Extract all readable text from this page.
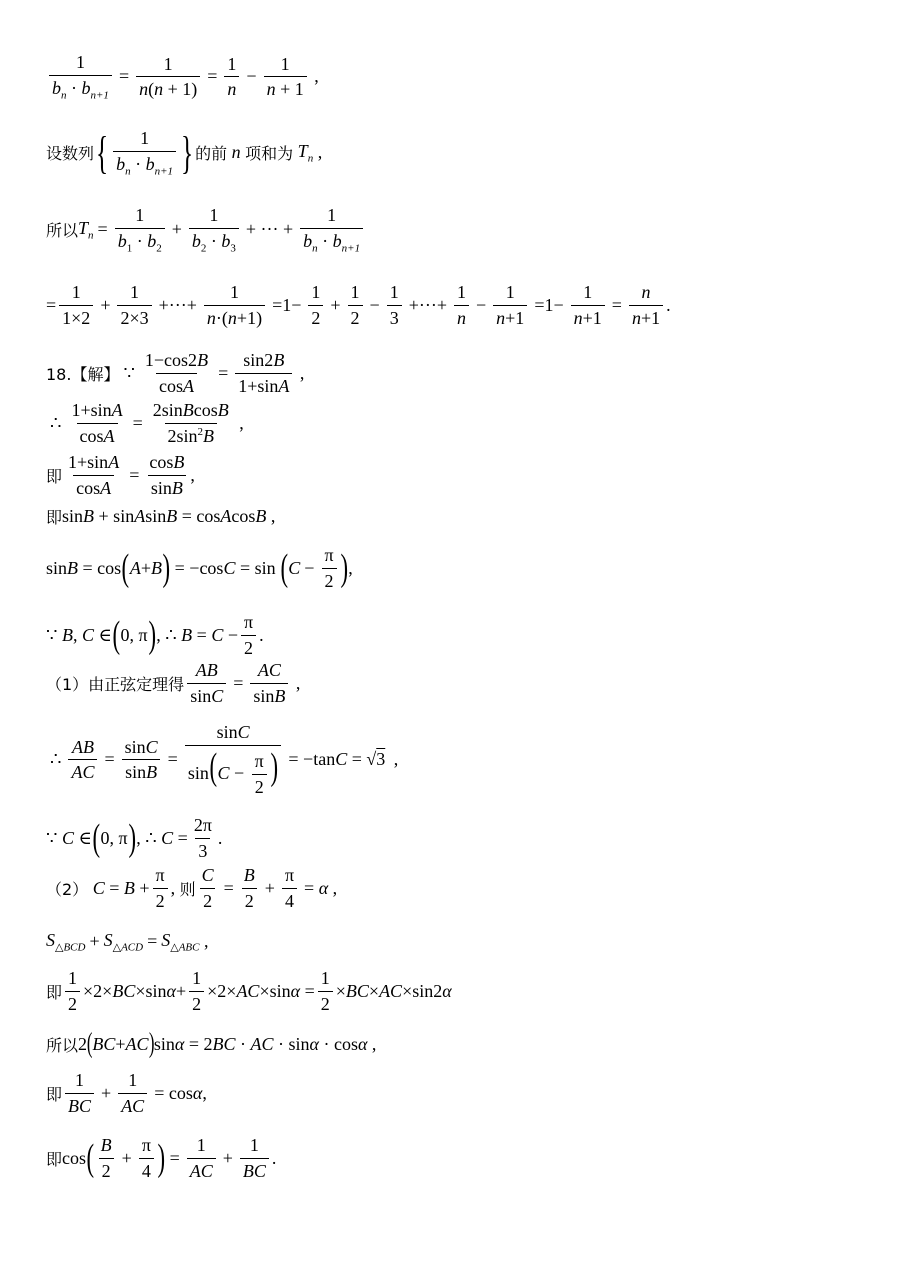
$\frac{1}{b_n \cdot b_{n+1}} = \frac{1}{n(n + 1)} = \frac{1}{n} - \frac{1}{n + 1}$ ,
设数列 { $\frac{1}{b_n \cdot b_{n+1}}$ } 的前 n 项和为 $T_n$ ,
所以 $T_n = \frac{1}{b_1 \cdot b_2} + \frac{1}{b_2 \cdot b_3}$ + ··· + $\frac{1}{b_n \cdot b_{n+1}}$
= $\frac{1}{1\times 2} + \frac{1}{2\times 3}$ +···+ $\frac{1}{n\cdot(n+1)} =1- \frac{1}{2} + \frac{1}{2} - \frac{1}{3}$ +···+ $\frac{1}{n} - \frac{1}{n+1} =1- \frac{1}{n+1} = \frac{n}{n+1}$ .
18.【解】 ∵ $\frac{1-\cos 2B}{\cos A} = \frac{\sin 2B}{1+\sin A}$ ,
∴ $\frac{1+\sin A}{\cos A} = \frac{\text{2sinBcosB}}{2\sin^2B}$ ,
即 $\frac{1+\sin A}{\cos A} = \frac{\cos B}{\sin B}$ ,
即 sinB + sinAsinB = cosAcosB ,
sinB = cos ( A + B ) = −cosC = sin ( $C - \frac{\pi}{2}$ ) ,
∵ B, C ∈ ( 0, π ) , ∴ $B = C - \frac{\pi}{2}$ .
（1）由正弦定理得 $\frac{AB}{\sin C} = \frac{AC}{\sin B}$ ,
∴ $\frac{AB}{AC} = \frac{\sin C}{\sin B} = \frac{\sin C}{\sin(C - \frac{\pi}{2} )} = -\tan C = √3$ ,
∵ C ∈ ( 0, π ) , ∴ $C = \frac{2\pi}{3}$ .
（2） $C = B + \frac{\pi}{2}$ , 则 $\frac{C}{2} = \frac{B}{2} + \frac{\pi}{4} = \alpha$ ,
$S_{\triangle BCD} + S_{\triangle ACD} = S_{\triangle ABC}$ ,
即 $\frac{1}{2} \times 2\times BC\times\sin\alpha+ \frac{1}{2} \times 2\times AC\times\sin\alpha = \frac{1}{2} \times BC\times AC\times\sin 2\alpha$
所以 2 ( BC + AC ) sinα = 2BC · AC · sinα · cosα ,
即 $\frac{1}{BC} + \frac{1}{AC} = \cos\alpha$,
即 cos ( $\frac{B}{2} + \frac{\pi}{4}$ ) = $\frac{1}{AC} + \frac{1}{BC}$ .
